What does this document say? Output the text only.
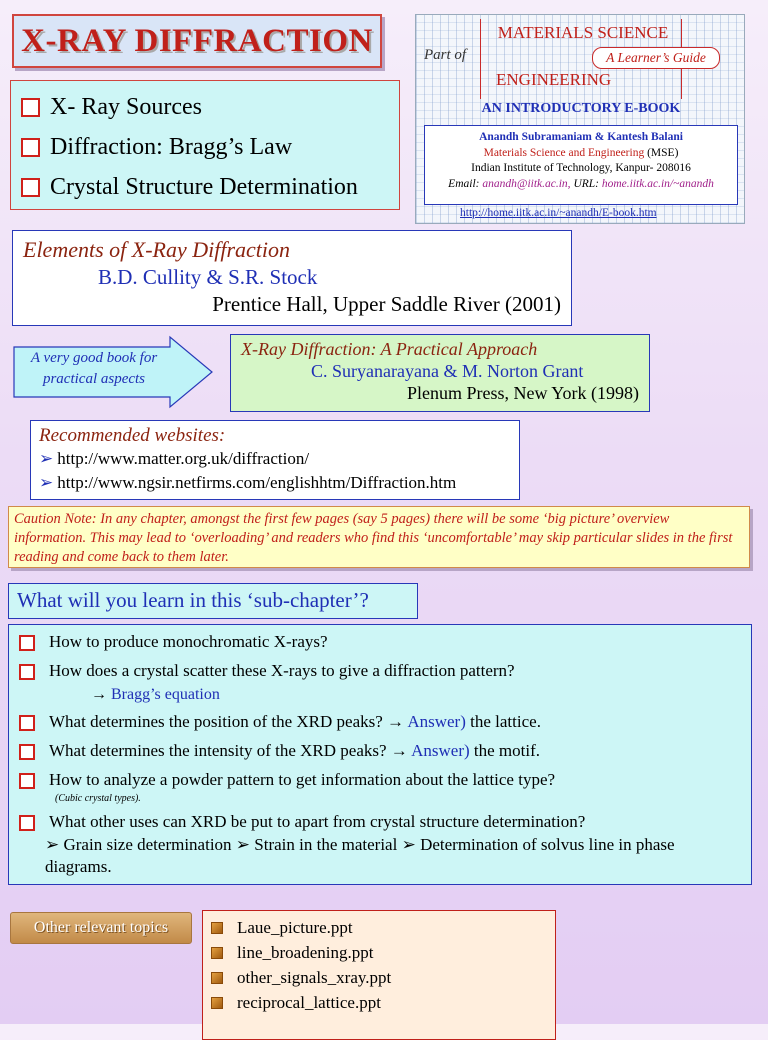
X-RAY DIFFRACTION
X- Ray Sources
Diffraction: Bragg’s Law
Crystal Structure Determination
Part of
MATERIALS SCIENCE
A Learner’s Guide
ENGINEERING
AN INTRODUCTORY E-BOOK
Anandh Subramaniam & Kantesh Balani
Materials Science and Engineering (MSE)
Indian Institute of Technology, Kanpur- 208016
Email: anandh@iitk.ac.in, URL: home.iitk.ac.in/~anandh
http://home.iitk.ac.in/~anandh/E-book.htm
Elements of X-Ray Diffraction
B.D. Cullity & S.R. Stock
Prentice Hall, Upper Saddle River (2001)
A very good book for practical aspects
X-Ray Diffraction: A Practical Approach
C. Suryanarayana & M. Norton Grant
Plenum Press, New York (1998)
Recommended websites:
➢ http://www.matter.org.uk/diffraction/
➢ http://www.ngsir.netfirms.com/englishhtm/Diffraction.htm
Caution Note: In any chapter, amongst the first few pages (say 5 pages) there will be some ‘big picture’ overview information. This may lead to ‘overloading’ and readers who find this ‘uncomfortable’ may skip particular slides in the first reading and come back to them later.
What will you learn in this ‘sub-chapter’?
How to produce monochromatic X-rays?
How does a crystal scatter these X-rays to give a diffraction pattern?
→ Bragg’s equation
What determines the position of the XRD peaks? → Answer) the lattice.
What determines the intensity of the XRD peaks? → Answer) the motif.
How to analyze a powder pattern to get information about the lattice type?
(Cubic crystal types).
What other uses can XRD be put to apart from crystal structure determination?
➢ Grain size determination ➢ Strain in the material ➢ Determination of solvus line in phase diagrams.
Other relevant topics	Laue_picture.ppt
line_broadening.ppt
other_signals_xray.ppt
reciprocal_lattice.ppt
